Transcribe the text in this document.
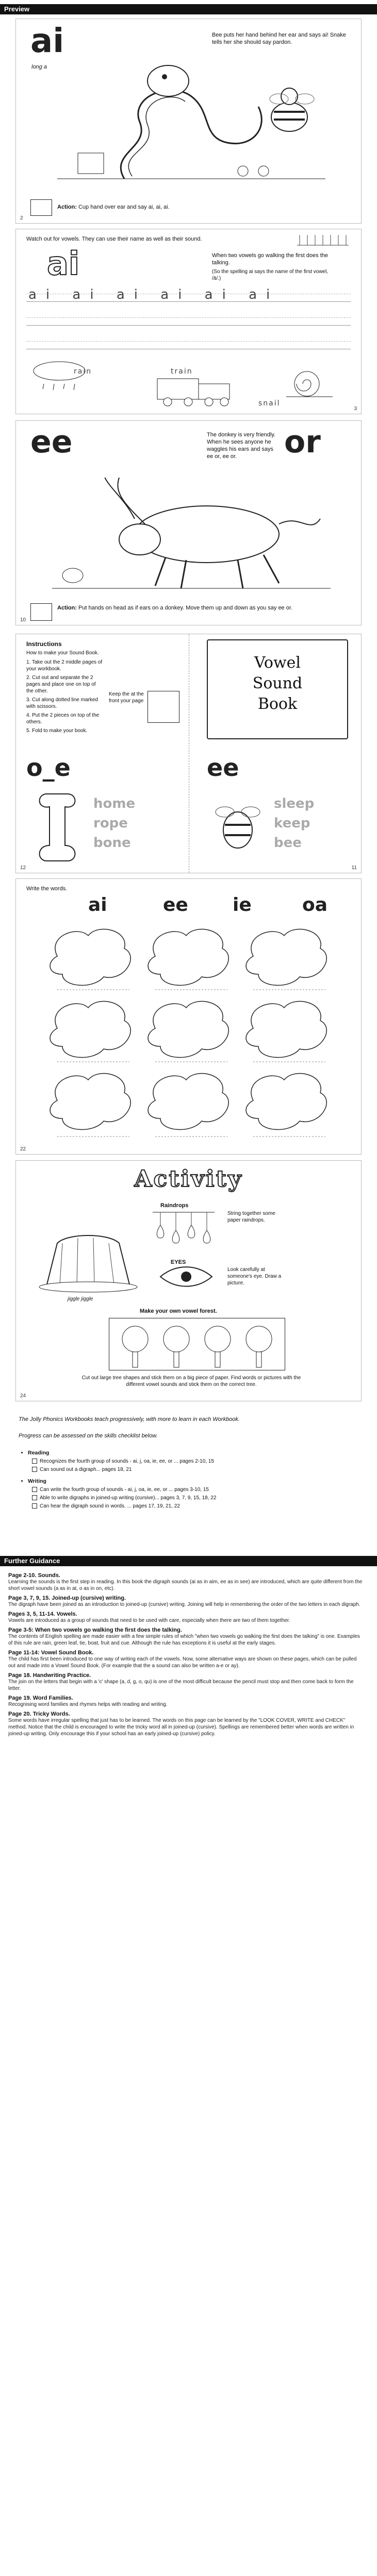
Preview
ai
long a
Bee puts her hand behind her ear and says ai! Snake tells her she should say pardon.
Action: Cup hand over ear and say ai, ai, ai.
2
Watch out for vowels. They can use their name as well as their sound.
ai	When two vowels go walking the first does the talking.
(So the spelling ai says the name of the first vowel, /ā/.)
ai ai ai ai ai ai
rain	train
snail
3
ee	or
The donkey is very friendly. When he sees anyone he waggles his ears and says ee or, ee or.
Action: Put hands on head as if ears on a donkey. Move them up and down as you say ee or.
10
Instructions
How to make your Sound Book.
1. Take out the 2 middle pages of your workbook.
2. Cut out and separate the 2 pages and place one on top of the other.
3. Cut along dotted line marked with scissors.
4. Put the 2 pieces on top of the others.
5. Fold to make your book.
Keep the at the front your page
Vowel
Sound
Book
o_e	ee
home
rope
bone
sleep
keep
bee
12	11
Write the words.
ai	ee ie	oa
22
Activity
Raindrops
String together some paper raindrops.
EYES
Look carefully at someone's eye. Draw a picture.
jiggle jiggle
Make your own vowel forest.
Cut out large tree shapes and stick them on a big piece of paper. Find words or pictures with the different vowel sounds and stick them on the correct tree.
24
The Jolly Phonics Workbooks teach progressively, with more to learn in each Workbook.
Progress can be assessed on the skills checklist below.
• Reading
Recognizes the fourth group of sounds - ai, j, oa, ie, ee, or ... pages 2-10, 15
Can sound out a digraph... pages 18, 21
• Writing
Can write the fourth group of sounds - ai, j, oa, ie, ee, or ... pages 3-10, 15
Able to write digraphs in joined-up writing (cursive)... pages 3, 7, 9, 15, 18, 22
Can hear the digraph sound in words. ... pages 17, 19, 21, 22
Further Guidance
Page 2-10. Sounds.
Learning the sounds is the first step in reading. In this book the digraph sounds (ai as in aim, ee as in see) are introduced, which are quite different from the short vowel sounds (a as in at, o as in on, etc).
Page 3, 7, 9, 15. Joined-up (cursive) writing.
The digraph have been joined as an introduction to joined-up (cursive) writing. Joining will help in remembering the order of the two letters in each digraph.
Pages 3, 5, 11-14. Vowels.
Vowels are introduced as a group of sounds that need to be used with care, especially when there are two of them together.
Page 3-5: When two vowels go walking the first does the talking.
The contents of English spelling are made easier with a few simple rules of which "when two vowels go walking the first does the talking" is one. Examples of this rule are rain, green leaf, tie, boat, fruit and cue. Although the rule has exceptions it is useful at the early stages.
Page 11-14: Vowel Sound Book.
The child has first been introduced to one way of writing each of the vowels. Now, some alternative ways are shown on these pages, which can be pulled out and made into a Vowel Sound Book. (For example that the a sound can also be written a-e or ay).
Page 18. Handwriting Practice.
The join on the letters that begin with a 'c' shape (a, d, g, o, qu) is one of the most difficult because the pencil must stop and then come back to form the letter.
Page 19. Word Families.
Recognising word families and rhymes helps with reading and writing.
Page 20. Tricky Words.
Some words have irregular spelling that just has to be learned. The words on this page can be learned by the "LOOK COVER, WRITE and CHECK" method. Notice that the child is encouraged to write the tricky word all in joined-up (cursive). Spellings are remembered better when words are written in joined-up writing. Only encourage this if your school has an early joined-up (cursive) policy.
